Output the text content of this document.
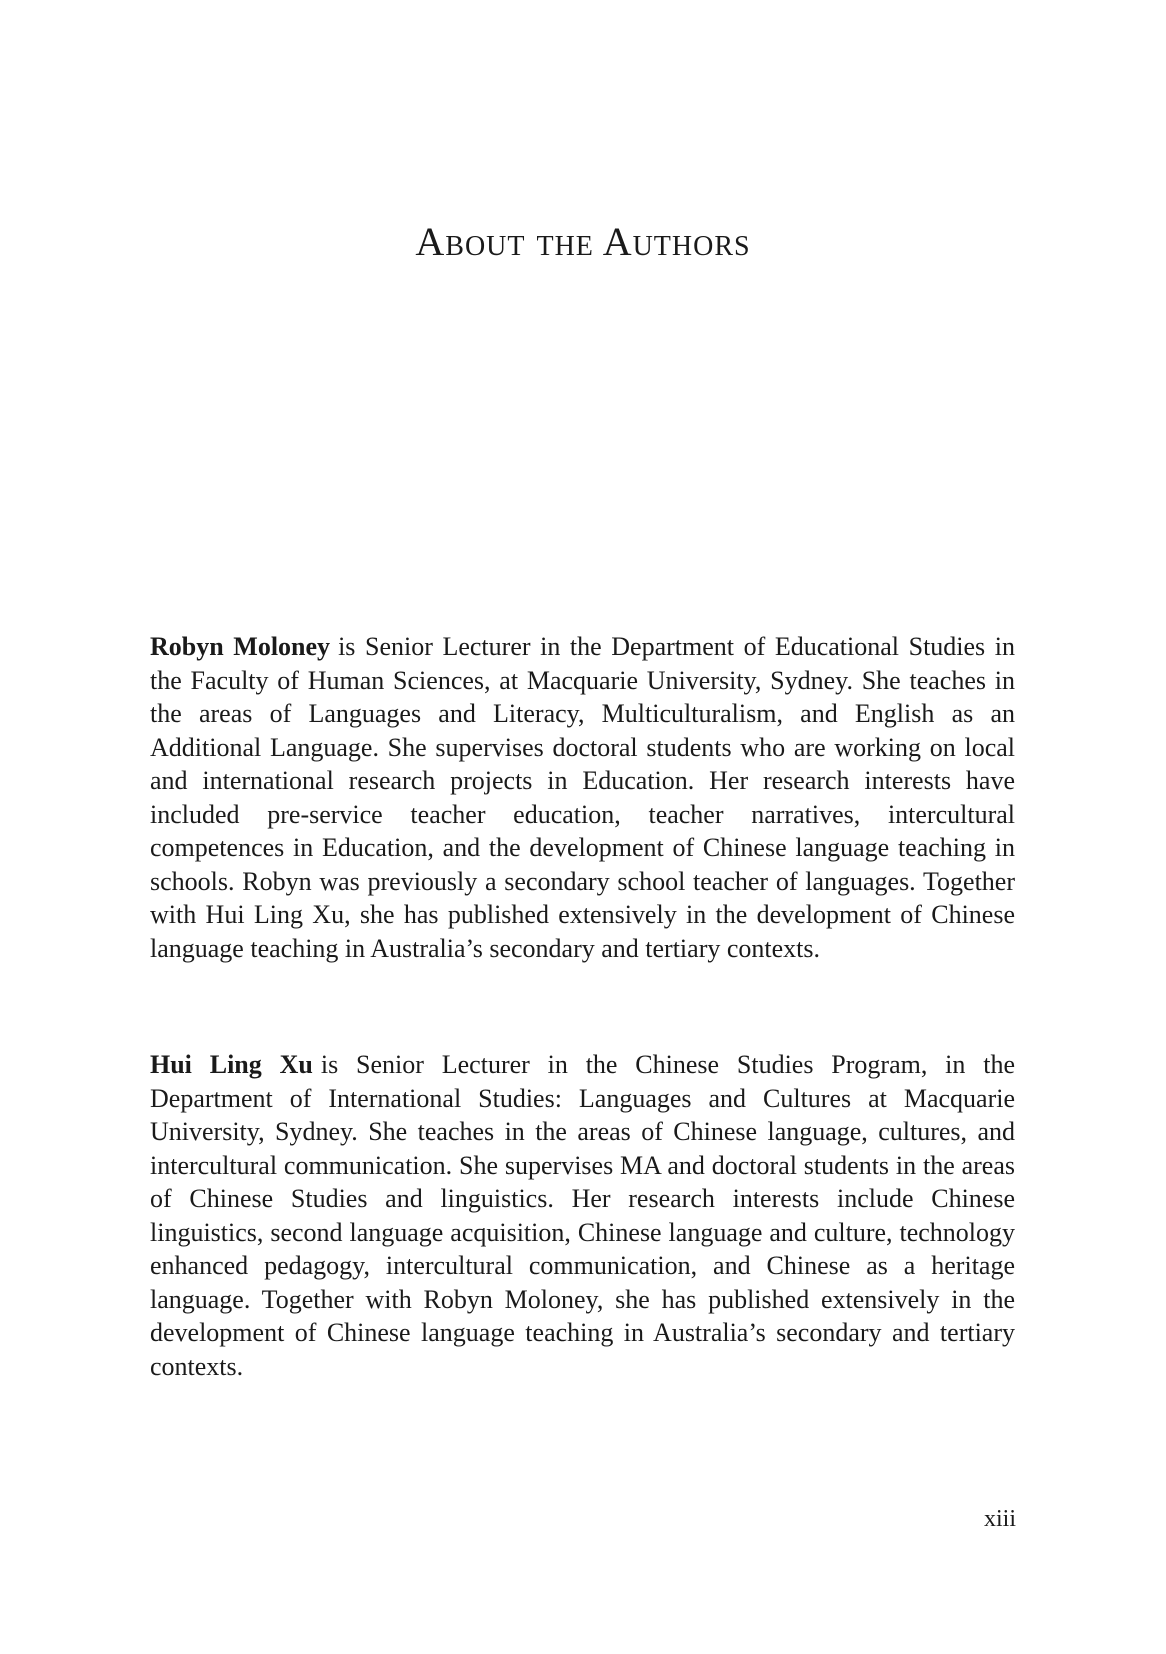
About the Authors

Robyn Moloney is Senior Lecturer in the Department of Educational Studies in the Faculty of Human Sciences, at Macquarie University, Sydney. She teaches in the areas of Languages and Literacy, Multiculturalism, and English as an Additional Language. She supervises doctoral students who are working on local and international research projects in Education. Her research interests have included pre-service teacher education, teacher narratives, intercultural competences in Education, and the development of Chinese language teaching in schools. Robyn was previously a secondary school teacher of languages. Together with Hui Ling Xu, she has published extensively in the development of Chinese language teaching in Australia’s secondary and tertiary contexts.

Hui Ling Xu is Senior Lecturer in the Chinese Studies Program, in the Department of International Studies: Languages and Cultures at Macquarie University, Sydney. She teaches in the areas of Chinese language, cultures, and intercultural communication. She supervises MA and doctoral students in the areas of Chinese Studies and linguistics. Her research interests include Chinese linguistics, second language acquisition, Chinese language and culture, technology enhanced pedagogy, intercultural communication, and Chinese as a heritage language. Together with Robyn Moloney, she has published extensively in the development of Chinese language teaching in Australia’s secondary and tertiary contexts.

xiii
